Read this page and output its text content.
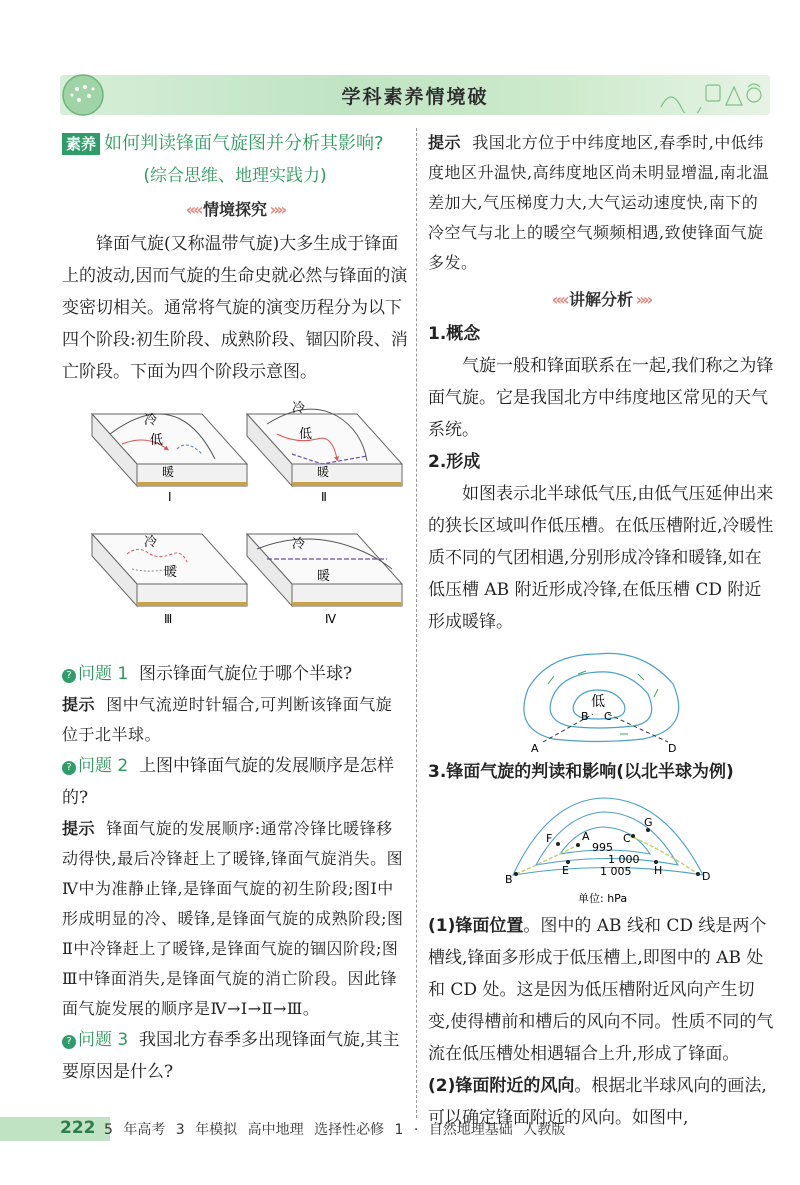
学科素养情境破

素养 如何判读锋面气旋图并分析其影响?

(综合思维、地理实践力)

«« 情境探究 »»

锋面气旋(又称温带气旋)大多生成于锋面上的波动,因而气旋的生命史就必然与锋面的演变密切相关。通常将气旋的演变历程分为以下四个阶段:初生阶段、成熟阶段、锢囚阶段、消亡阶段。下面为四个阶段示意图。

冷
低
暖
Ⅰ
冷
低
暖
Ⅱ
冷
暖
Ⅲ
冷
暖
Ⅳ

? 问题 1 图示锋面气旋位于哪个半球?

提示 图中气流逆时针辐合,可判断该锋面气旋位于北半球。

? 问题 2 上图中锋面气旋的发展顺序是怎样的?

提示 锋面气旋的发展顺序:通常冷锋比暖锋移动得快,最后冷锋赶上了暖锋,锋面气旋消失。图Ⅳ中为准静止锋,是锋面气旋的初生阶段;图Ⅰ中形成明显的冷、暖锋,是锋面气旋的成熟阶段;图Ⅱ中冷锋赶上了暖锋,是锋面气旋的锢囚阶段;图Ⅲ中锋面消失,是锋面气旋的消亡阶段。因此锋面气旋发展的顺序是Ⅳ→Ⅰ→Ⅱ→Ⅲ。

? 问题 3 我国北方春季多出现锋面气旋,其主要原因是什么?

提示 我国北方位于中纬度地区,春季时,中低纬度地区升温快,高纬度地区尚未明显增温,南北温差加大,气压梯度力大,大气运动速度快,南下的冷空气与北上的暖空气频频相遇,致使锋面气旋多发。

«« 讲解分析 »»

1.概念

气旋一般和锋面联系在一起,我们称之为锋面气旋。它是我国北方中纬度地区常见的天气系统。

2.形成

如图表示北半球低气压,由低气压延伸出来的狭长区域叫作低压槽。在低压槽附近,冷暖性质不同的气团相遇,分别形成冷锋和暖锋,如在低压槽 AB 附近形成冷锋,在低压槽 CD 附近形成暖锋。

低
B C
A	D

3.锋面气旋的判读和影响(以北半球为例)

B
F	A
E
C
G
H	D
995
1 000
1 005
单位: hPa

(1)锋面位置。图中的 AB 线和 CD 线是两个槽线,锋面多形成于低压槽上,即图中的 AB 处和 CD 处。这是因为低压槽附近风向产生切变,使得槽前和槽后的风向不同。性质不同的气流在低压槽处相遇辐合上升,形成了锋面。

(2)锋面附近的风向。根据北半球风向的画法,可以确定锋面附近的风向。如图中,

222 5 年高考 3 年模拟 高中地理 选择性必修 1 · 自然地理基础 人教版
